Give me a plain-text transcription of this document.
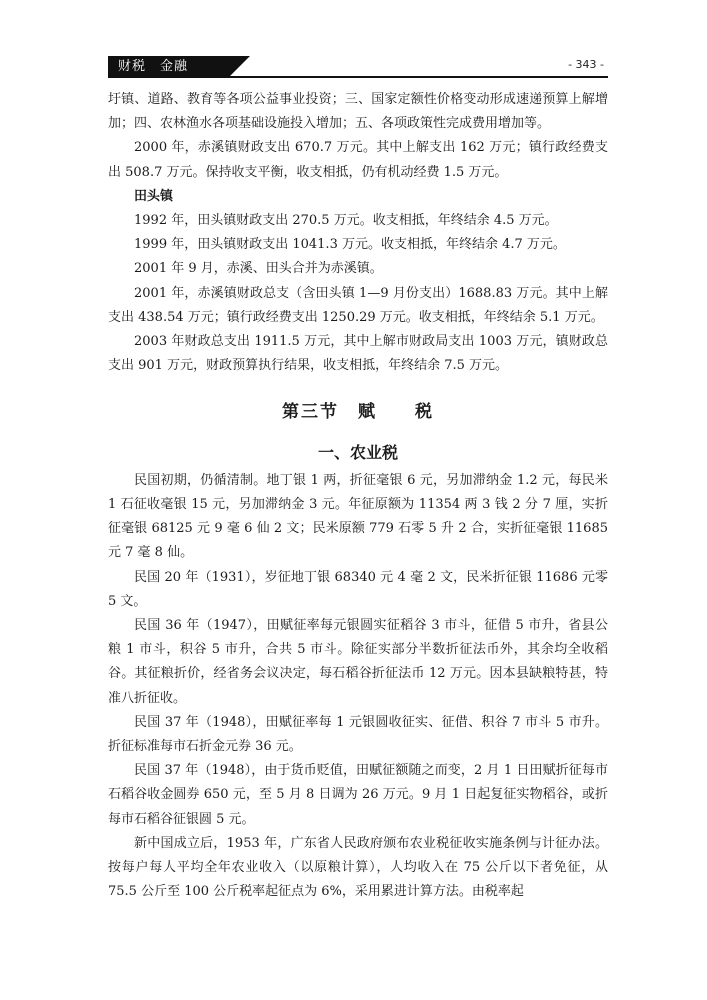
财税　金融	- 343 -

圩镇、道路、教育等各项公益事业投资；三、国家定额性价格变动形成速递预算上解增加；四、农林渔水各项基础设施投入增加；五、各项政策性完成费用增加等。

2000 年，赤溪镇财政支出 670.7 万元。其中上解支出 162 万元；镇行政经费支出 508.7 万元。保持收支平衡，收支相抵，仍有机动经费 1.5 万元。

田头镇

1992 年，田头镇财政支出 270.5 万元。收支相抵，年终结余 4.5 万元。

1999 年，田头镇财政支出 1041.3 万元。收支相抵，年终结余 4.7 万元。

2001 年 9 月，赤溪、田头合并为赤溪镇。

2001 年，赤溪镇财政总支（含田头镇 1—9 月份支出）1688.83 万元。其中上解支出 438.54 万元；镇行政经费支出 1250.29 万元。收支相抵，年终结余 5.1 万元。

2003 年财政总支出 1911.5 万元，其中上解市财政局支出 1003 万元，镇财政总支出 901 万元，财政预算执行结果，收支相抵，年终结余 7.5 万元。

第三节　赋　　税
一、农业税

民国初期，仍循清制。地丁银 1 两，折征毫银 6 元，另加滞纳金 1.2 元，每民米 1 石征收毫银 15 元，另加滞纳金 3 元。年征原额为 11354 两 3 钱 2 分 7 厘，实折征毫银 68125 元 9 毫 6 仙 2 文；民米原额 779 石零 5 升 2 合，实折征毫银 11685 元 7 毫 8 仙。

民国 20 年（1931），岁征地丁银 68340 元 4 毫 2 文，民米折征银 11686 元零 5 文。

民国 36 年（1947），田赋征率每元银圆实征稻谷 3 市斗，征借 5 市升，省县公粮 1 市斗，积谷 5 市升，合共 5 市斗。除征实部分半数折征法币外，其余均全收稻谷。其征粮折价，经省务会议决定，每石稻谷折征法币 12 万元。因本县缺粮特甚，特准八折征收。

民国 37 年（1948），田赋征率每 1 元银圆收征实、征借、积谷 7 市斗 5 市升。折征标准每市石折金元券 36 元。

民国 37 年（1948），由于货币贬值，田赋征额随之而变，2 月 1 日田赋折征每市石稻谷收金圆券 650 元，至 5 月 8 日调为 26 万元。9 月 1 日起复征实物稻谷，或折每市石稻谷征银圆 5 元。

新中国成立后，1953 年，广东省人民政府颁布农业税征收实施条例与计征办法。按每户每人平均全年农业收入（以原粮计算），人均收入在 75 公斤以下者免征，从 75.5 公斤至 100 公斤税率起征点为 6%，采用累进计算方法。由税率起
